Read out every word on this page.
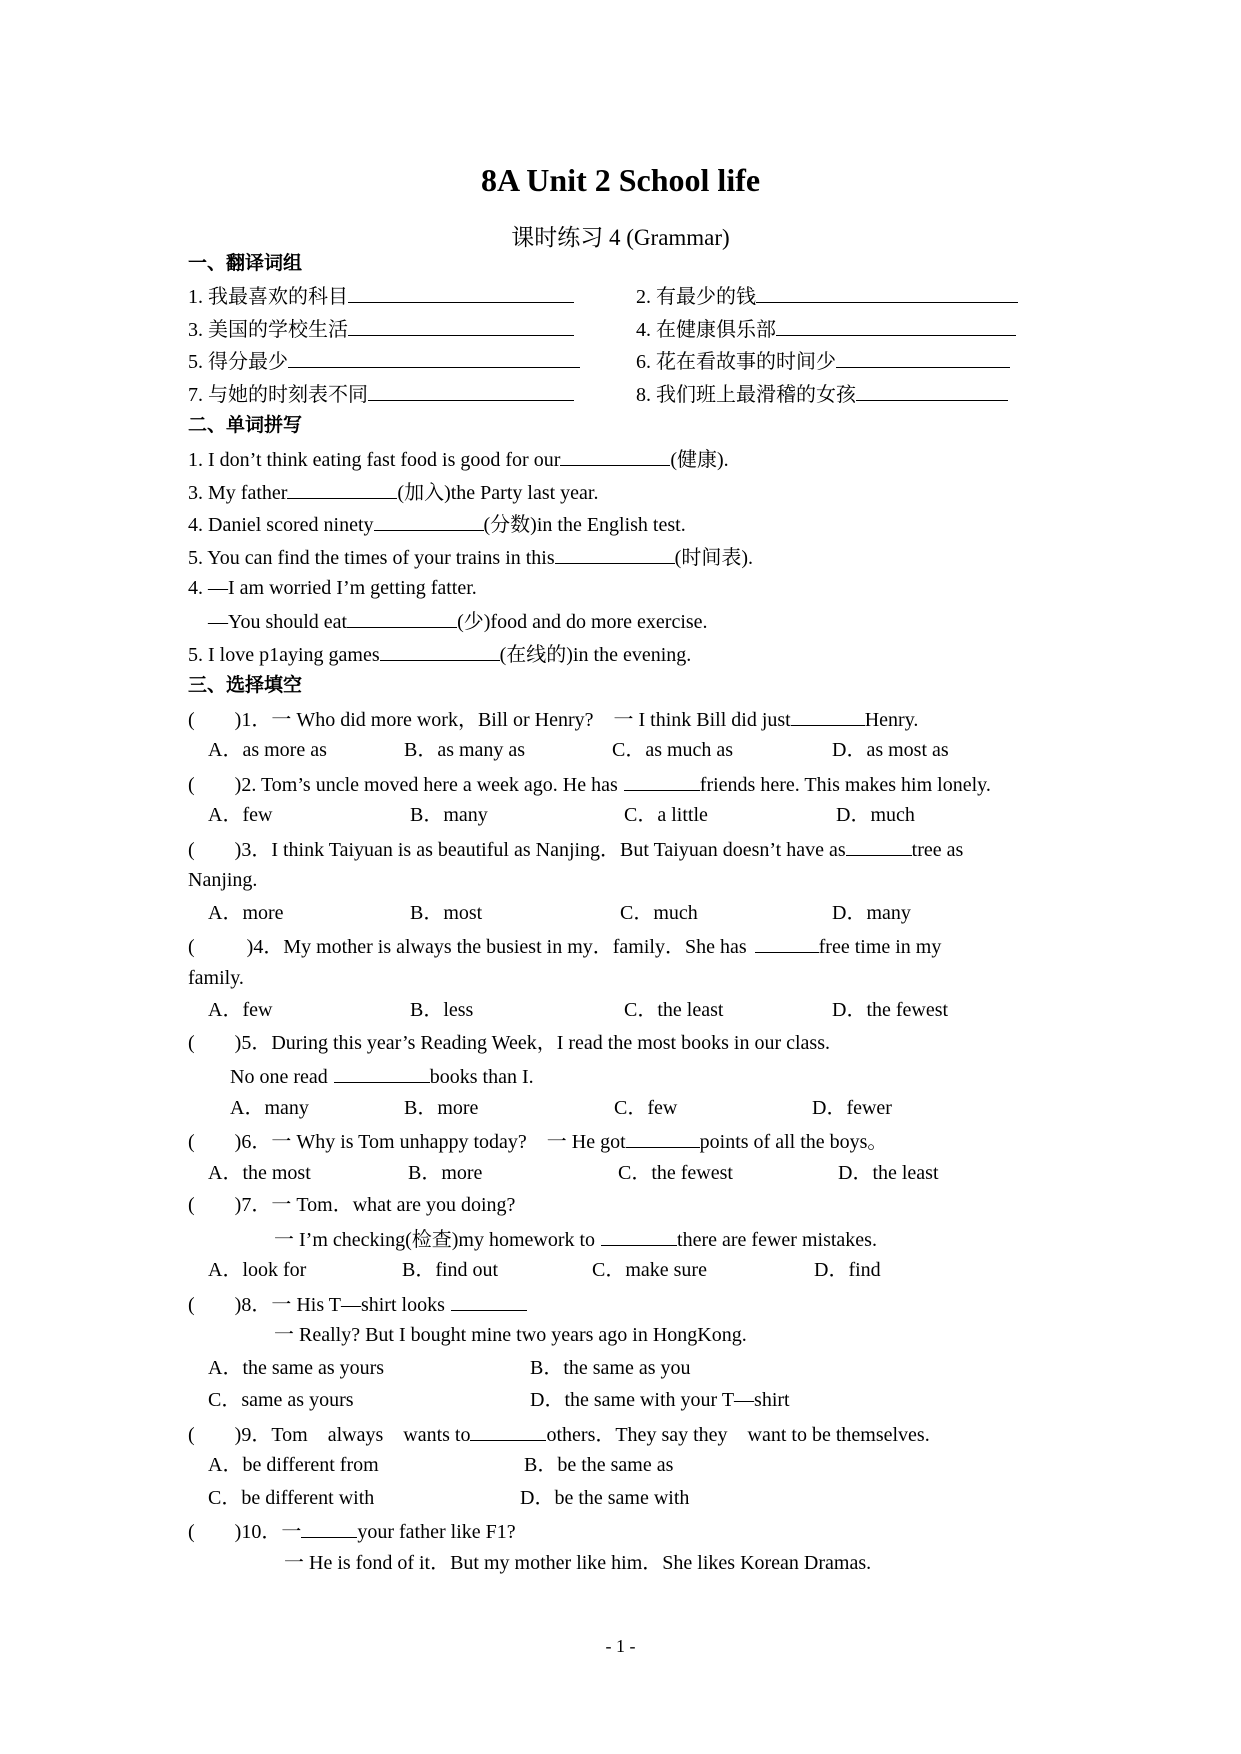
8A Unit 2 School life
课时练习 4 (Grammar)
一、翻译词组
1. 我最喜欢的科目	2. 有最少的钱
3. 美国的学校生活	4. 在健康俱乐部
5. 得分最少	6. 花在看故事的时间少
7. 与她的时刻表不同	8. 我们班上最滑稽的女孩
二、单词拼写
1. I don’t think eating fast food is good for our	(健康).
3. My father	(加入)the Party last year.
4. Daniel scored ninety	(分数)in the English test.
5. You can find the times of your trains in this	(时间表).
4. —I am worried I’m getting fatter.
—You should eat	(少)food and do more exercise.
5. I love p1aying games	(在线的)in the evening.
三、选择填空
( )1．一 Who did more work，Bill or Henry?　一 I think Bill did just	Henry.
A．as more as	B．as many as	C．as much as	D．as most as
( )2. Tom’s uncle moved here a week ago. He has	friends here. This makes him lonely.
A．few	B．many	C．a little	D．much
( )3．I think Taiyuan is as beautiful as Nanjing．But Taiyuan doesn’t have as	tree as
Nanjing.
A．more	B．most	C．much	D．many
(	)4．My mother is always the busiest in my．family．She has	free time in my
family.
A．few	B．less	C．the least	D．the fewest
( )5．During this year’s Reading Week，I read the most books in our class.
No one read	books than I.
A．many	B．more	C．few	D．fewer
( )6．一 Why is Tom unhappy today?　一 He got	points of all the boys。
A．the most	B．more	C．the fewest	D．the least
( )7．一 Tom．what are you doing?
一 I’m checking(检查)my homework to	there are fewer mistakes.
A．look for	B．find out	C．make sure	D．find
( )8．一 His T—shirt looks
一 Really? But I bought mine two years ago in HongKong.
A．the same as yours	B．the same as you
C．same as yours	D．the same with your T—shirt
( )9．Tom　always　wants to	others．They say they　want to be themselves.
A．be different from	B．be the same as
C．be different with	D．be the same with
( )10．一	your father like F1?
一 He is fond of it．But my mother like him．She likes Korean Dramas.
- 1 -
